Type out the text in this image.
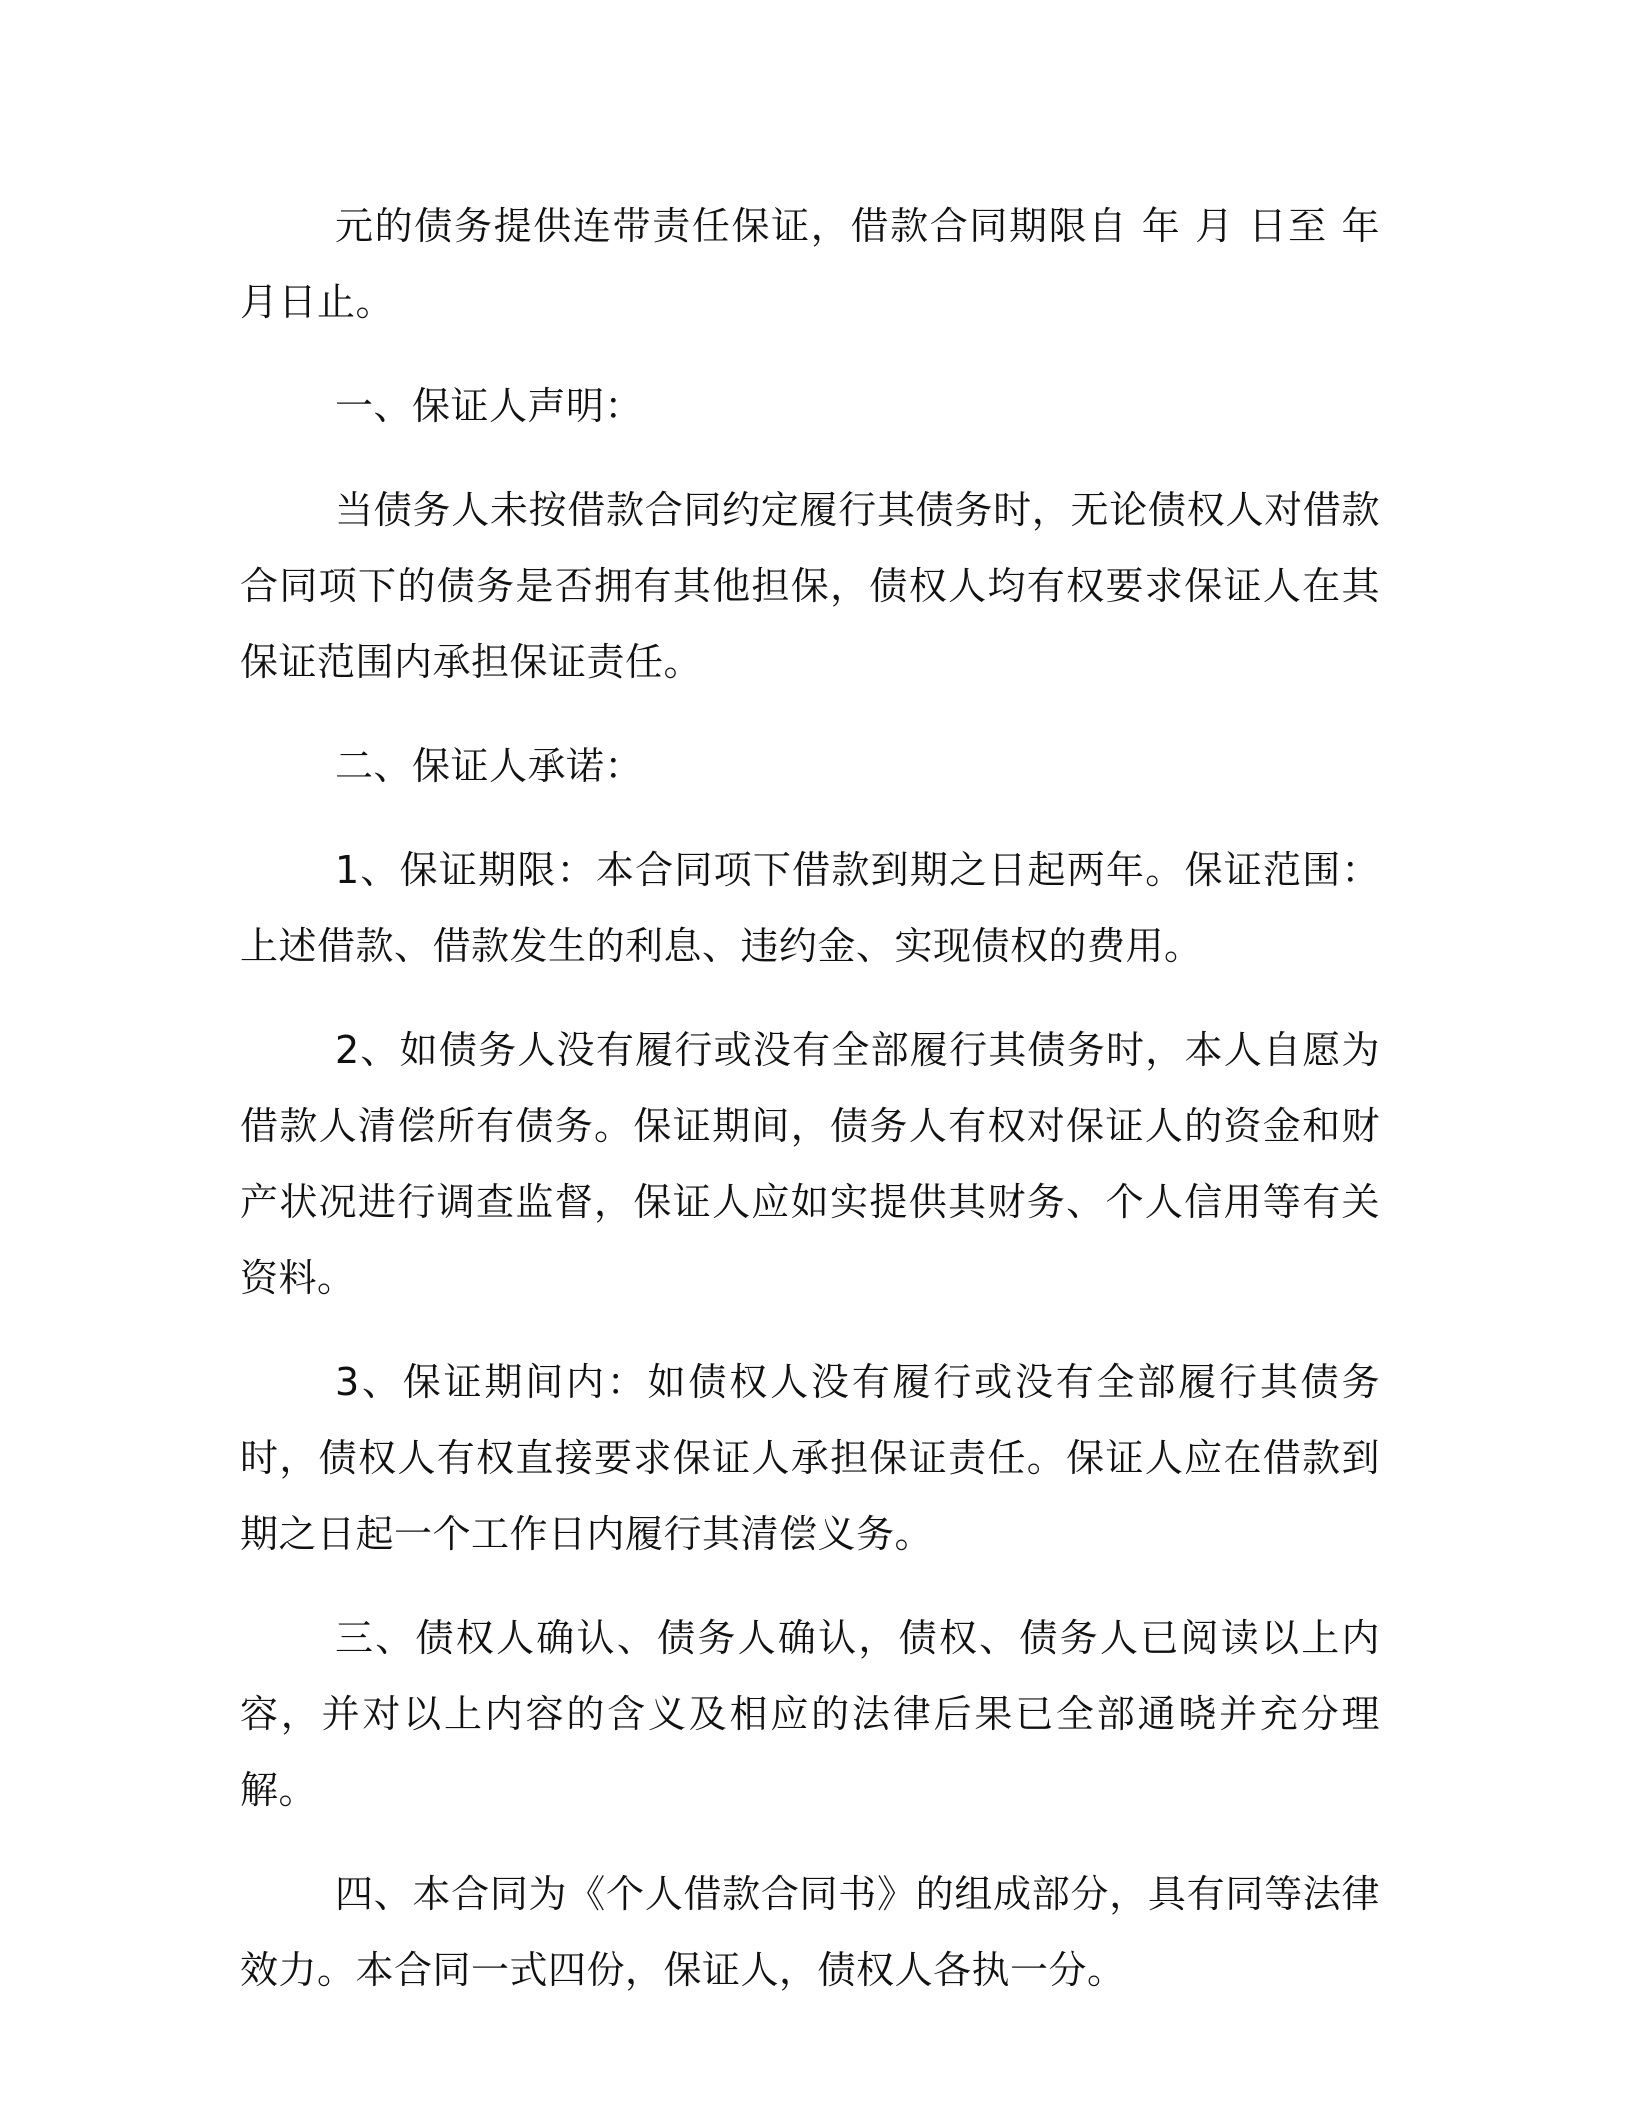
元的债务提供连带责任保证，借款合同期限自 年 月 日至 年 月日止。

一、保证人声明：

当债务人未按借款合同约定履行其债务时，无论债权人对借款合同项下的债务是否拥有其他担保，债权人均有权要求保证人在其保证范围内承担保证责任。

二、保证人承诺：

1、保证期限：本合同项下借款到期之日起两年。保证范围：上述借款、借款发生的利息、违约金、实现债权的费用。

2、如债务人没有履行或没有全部履行其债务时，本人自愿为借款人清偿所有债务。保证期间，债务人有权对保证人的资金和财产状况进行调查监督，保证人应如实提供其财务、个人信用等有关资料。

3、保证期间内：如债权人没有履行或没有全部履行其债务时，债权人有权直接要求保证人承担保证责任。保证人应在借款到期之日起一个工作日内履行其清偿义务。

三、债权人确认、债务人确认，债权、债务人已阅读以上内容，并对以上内容的含义及相应的法律后果已全部通晓并充分理解。

四、本合同为《个人借款合同书》的组成部分，具有同等法律效力。本合同一式四份，保证人，债权人各执一分。
